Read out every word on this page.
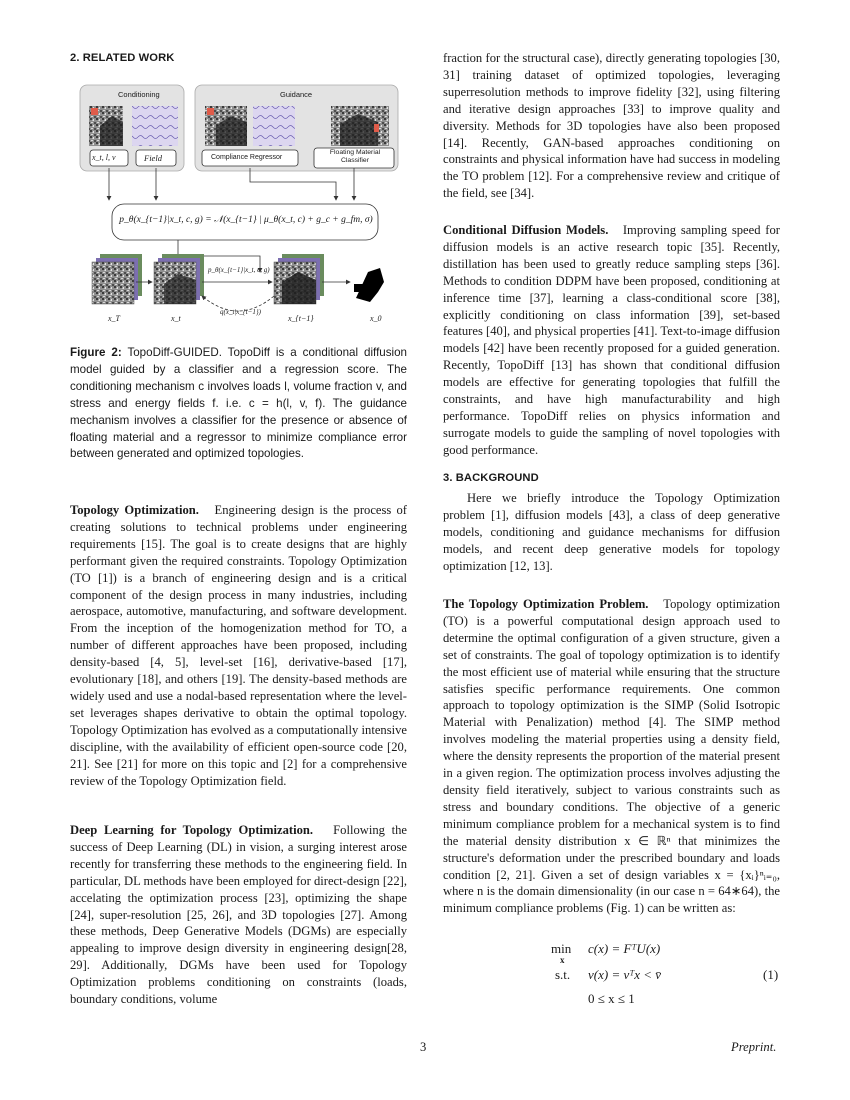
2. RELATED WORK
Conditioning	Guidance
x_t, l, v	Field	Compliance Regressor
Floating Material Classifier
p_θ(x_{t−1}|x_t, c, g) = 𝒩(x_{t−1} | μ_θ(x_t, c) + g_c + g_fm, σ)
p_θ(x_{t−1}|x_t, c, g)
q(x_t|x_{t−1})
x_T	x_t	x_{t−1}	x_0
Figure 2: TopoDiff-GUIDED. TopoDiff is a conditional diffusion model guided by a classifier and a regression score. The conditioning mechanism c involves loads l, volume fraction v, and stress and energy fields f. i.e. c = h(l, v, f). The guidance mechanism involves a classifier for the presence or absence of floating material and a regressor to minimize compliance error between generated and optimized topologies.

Topology Optimization. Engineering design is the process of creating solutions to technical problems under engineering requirements [15]. The goal is to create designs that are highly performant given the required constraints. Topology Optimization (TO [1]) is a branch of engineering design and is a critical component of the design process in many industries, including aerospace, automotive, manufacturing, and software development. From the inception of the homogenization method for TO, a number of different approaches have been proposed, including density-based [4, 5], level-set [16], derivative-based [17], evolutionary [18], and others [19]. The density-based methods are widely used and use a nodal-based representation where the level-set leverages shapes derivative to obtain the optimal topology. Topology Optimization has evolved as a computationally intensive discipline, with the availability of efficient open-source code [20, 21]. See [21] for more on this topic and [2] for a comprehensive review of the Topology Optimization field.

Deep Learning for Topology Optimization. Following the success of Deep Learning (DL) in vision, a surging interest arose recently for transferring these methods to the engineering field. In particular, DL methods have been employed for direct-design [22], accelating the optimization process [23], optimizing the shape [24], super-resolution [25, 26], and 3D topologies [27]. Among these methods, Deep Generative Models (DGMs) are especially appealing to improve design diversity in engineering design[28, 29]. Additionally, DGMs have been used for Topology Optimization problems conditioning on constraints (loads, boundary conditions, volume

3

fraction for the structural case), directly generating topologies [30, 31] training dataset of optimized topologies, leveraging superresolution methods to improve fidelity [32], using filtering and iterative design approaches [33] to improve quality and diversity. Methods for 3D topologies have also been proposed [14]. Recently, GAN-based approaches conditioning on constraints and physical information have had success in modeling the TO problem [12]. For a comprehensive review and critique of the field, see [34].

Conditional Diffusion Models. Improving sampling speed for diffusion models is an active research topic [35]. Recently, distillation has been used to greatly reduce sampling steps [36]. Methods to condition DDPM have been proposed, conditioning at inference time [37], learning a class-conditional score [38], explicitly conditioning on class information [39], set-based features [40], and physical properties [41]. Text-to-image diffusion models [42] have been recently proposed for a guided generation. Recently, TopoDiff [13] has shown that conditional diffusion models are effective for generating topologies that fulfill the constraints, and have high manufacturability and high performance. TopoDiff relies on physics information and surrogate models to guide the sampling of novel topologies with good performance.

3. BACKGROUND

Here we briefly introduce the Topology Optimization problem [1], diffusion models [43], a class of deep generative models, conditioning and guidance mechanisms for diffusion models, and recent deep generative models for topology optimization [12, 13].

The Topology Optimization Problem. Topology optimization (TO) is a powerful computational design approach used to determine the optimal configuration of a given structure, given a set of constraints. The goal of topology optimization is to identify the most efficient use of material while ensuring that the structure satisfies specific performance requirements. One common approach to topology optimization is the SIMP (Solid Isotropic Material with Penalization) method [4]. The SIMP method involves modeling the material properties using a density field, where the density represents the proportion of the material present in a given region. The optimization process involves adjusting the density field iteratively, subject to various constraints such as stress and boundary conditions. The objective of a generic minimum compliance problem for a mechanical system is to find the material density distribution x ∈ ℝⁿ that minimizes the structure's deformation under the prescribed boundary and loads condition [2, 21]. Given a set of design variables x = {xᵢ}ⁿᵢ₌₀, where n is the domain dimensionality (in our case n = 64∗64), the minimum compliance problems (Fig. 1) can be written as:

min
x
c(x) = FᵀU(x)
s.t. v(x) = vᵀx < v̄
0 ≤ x ≤ 1
(1)
Preprint.
